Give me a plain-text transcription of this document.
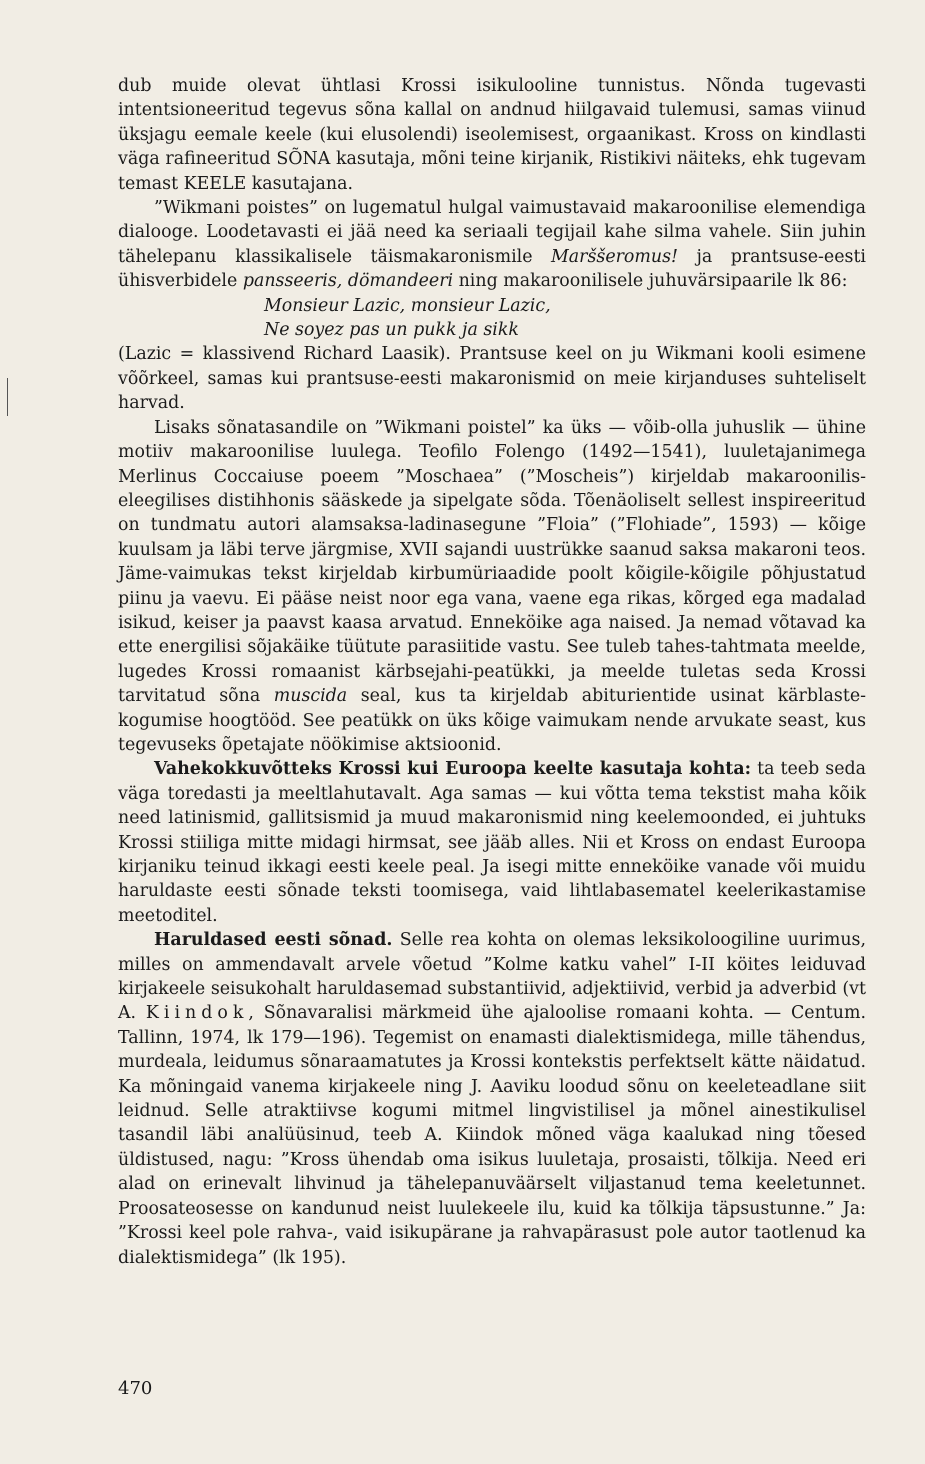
dub muide olevat ühtlasi Krossi isikulooline tunnistus. Nõnda tugevasti intentsioneeritud tegevus sõna kallal on andnud hiilgavaid tulemusi, samas viinud üksjagu eemale keele (kui elusolendi) iseolemisest, orgaanikast. Kross on kindlasti väga rafineeritud SÕNA kasutaja, mõni teine kirjanik, Ristikivi näiteks, ehk tugevam temast KEELE kasutajana.

”Wikmani poistes” on lugematul hulgal vaimustavaid makaroonilise elemendiga dialooge. Loodetavasti ei jää need ka seriaali tegijail kahe silma vahele. Siin juhin tähelepanu klassikalisele täismakaronismile Marššeromus! ja prantsuse-eesti ühisverbidele pansseeris, dömandeeri ning makaroonilisele juhuvärsipaarile lk 86:

Monsieur Lazic, monsieur Lazic,

Ne soyez pas un pukk ja sikk

(Lazic = klassivend Richard Laasik). Prantsuse keel on ju Wikmani kooli esimene võõrkeel, samas kui prantsuse-eesti makaronismid on meie kirjanduses suhteliselt harvad.

Lisaks sõnatasandile on ”Wikmani poistel” ka üks — võib-olla juhuslik — ühine motiiv makaroonilise luulega. Teofilo Folengo (1492—1541), luuletajanimega Merlinus Coccaiuse poeem ”Moschaea” (”Moscheis”) kirjeldab makaroonilis-eleegilises distihhonis sääskede ja sipelgate sõda. Tõenäoliselt sellest inspireeritud on tundmatu autori alamsaksa-ladinasegune ”Floia” (”Flohiade”, 1593) — kõige kuulsam ja läbi terve järgmise, XVII sajandi uustrükke saanud saksa makaroni teos. Jäme-vaimukas tekst kirjeldab kirbumüriaadide poolt kõigile-kõigile põhjustatud piinu ja vaevu. Ei pääse neist noor ega vana, vaene ega rikas, kõrged ega madalad isikud, keiser ja paavst kaasa arvatud. Enneköike aga naised. Ja nemad võtavad ka ette energilisi sõjakäike tüütute parasiitide vastu. See tuleb tahes-tahtmata meelde, lugedes Krossi romaanist kärbsejahi-peatükki, ja meelde tuletas seda Krossi tarvitatud sõna muscida seal, kus ta kirjeldab abiturientide usinat kärblaste-kogumise hoogtööd. See peatükk on üks kõige vaimukam nende arvukate seast, kus tegevuseks õpetajate nöökimise aktsioonid.

Vahekokkuvõtteks Krossi kui Euroopa keelte kasutaja kohta: ta teeb seda väga toredasti ja meeltlahutavalt. Aga samas — kui võtta tema tekstist maha kõik need latinismid, gallitsismid ja muud makaronismid ning keelemoonded, ei juhtuks Krossi stiiliga mitte midagi hirmsat, see jääb alles. Nii et Kross on endast Euroopa kirjaniku teinud ikkagi eesti keele peal. Ja isegi mitte enneköike vanade või muidu haruldaste eesti sõnade teksti toomisega, vaid lihtlabasematel keelerikastamise meetoditel.

Haruldased eesti sõnad. Selle rea kohta on olemas leksikoloogiline uurimus, milles on ammendavalt arvele võetud ”Kolme katku vahel” I-II köites leiduvad kirjakeele seisukohalt haruldasemad substantiivid, adjektiivid, verbid ja adverbid (vt A. Kiindok, Sõnavaralisi märkmeid ühe ajaloolise romaani kohta. — Centum. Tallinn, 1974, lk 179—196). Tegemist on enamasti dialektismidega, mille tähendus, murdeala, leidumus sõnaraamatutes ja Krossi kontekstis perfektselt kätte näidatud. Ka mõningaid vanema kirjakeele ning J. Aaviku loodud sõnu on keeleteadlane siit leidnud. Selle atraktiivse kogumi mitmel lingvistilisel ja mõnel ainestikulisel tasandil läbi analüüsinud, teeb A. Kiindok mõned väga kaalukad ning tõesed üldistused, nagu: ”Kross ühendab oma isikus luuletaja, prosaisti, tõlkija. Need eri alad on erinevalt lihvinud ja tähelepanuväärselt viljastanud tema keeletunnet. Proosateosesse on kandunud neist luulekeele ilu, kuid ka tõlkija täpsustunne.” Ja: ”Krossi keel pole rahva-, vaid isikupärane ja rahvapärasust pole autor taotlenud ka dialektismidega” (lk 195).

470
